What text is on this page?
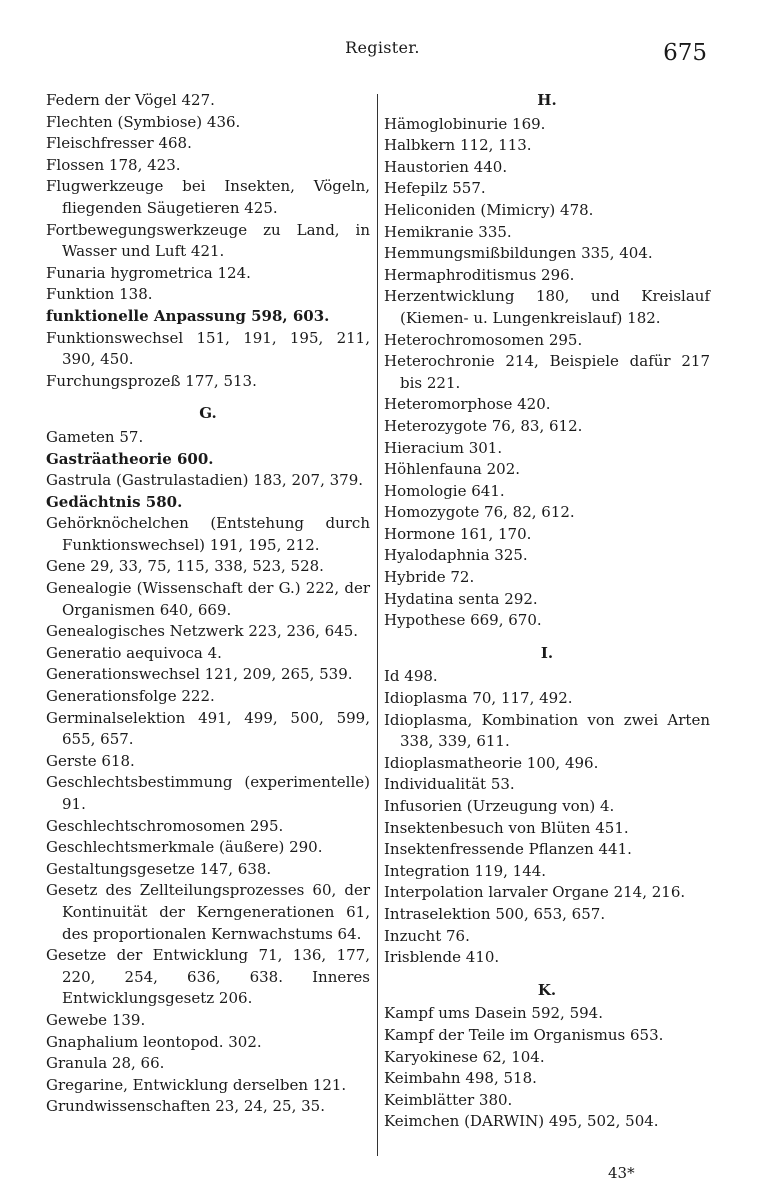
Register.	675
Federn der Vögel 427.
Flechten (Symbiose) 436.
Fleischfresser 468.
Flossen 178, 423.
Flugwerkzeuge bei Insekten, Vögeln, fliegenden Säugetieren 425.
Fortbewegungswerkzeuge zu Land, in Wasser und Luft 421.
Funaria hygrometrica 124.
Funktion 138.
funktionelle Anpassung 598, 603.
Funktionswechsel 151, 191, 195, 211, 390, 450.
Furchungsprozeß 177, 513.
G.
Gameten 57.
Gasträatheorie 600.
Gastrula (Gastrulastadien) 183, 207, 379.
Gedächtnis 580.
Gehörknöchelchen (Entstehung durch Funktionswechsel) 191, 195, 212.
Gene 29, 33, 75, 115, 338, 523, 528.
Genealogie (Wissenschaft der G.) 222, der Organismen 640, 669.
Genealogisches Netzwerk 223, 236, 645.
Generatio aequivoca 4.
Generationswechsel 121, 209, 265, 539.
Generationsfolge 222.
Germinalselektion 491, 499, 500, 599, 655, 657.
Gerste 618.
Geschlechtsbestimmung (experimentelle) 91.
Geschlechtschromosomen 295.
Geschlechtsmerkmale (äußere) 290.
Gestaltungsgesetze 147, 638.
Gesetz des Zellteilungsprozesses 60, der Kontinuität der Kerngenerationen 61, des proportionalen Kernwachstums 64.
Gesetze der Entwicklung 71, 136, 177, 220, 254, 636, 638. Inneres Entwicklungsgesetz 206.
Gewebe 139.
Gnaphalium leontopod. 302.
Granula 28, 66.
Gregarine, Entwicklung derselben 121.
Grundwissenschaften 23, 24, 25, 35.
H.
Hämoglobinurie 169.
Halbkern 112, 113.
Haustorien 440.
Hefepilz 557.
Heliconiden (Mimicry) 478.
Hemikranie 335.
Hemmungsmißbildungen 335, 404.
Hermaphroditismus 296.
Herzentwicklung 180, und Kreislauf (Kiemen- u. Lungenkreislauf) 182.
Heterochromosomen 295.
Heterochronie 214, Beispiele dafür 217 bis 221.
Heteromorphose 420.
Heterozygote 76, 83, 612.
Hieracium 301.
Höhlenfauna 202.
Homologie 641.
Homozygote 76, 82, 612.
Hormone 161, 170.
Hyalodaphnia 325.
Hybride 72.
Hydatina senta 292.
Hypothese 669, 670.
I.
Id 498.
Idioplasma 70, 117, 492.
Idioplasma, Kombination von zwei Arten 338, 339, 611.
Idioplasmatheorie 100, 496.
Individualität 53.
Infusorien (Urzeugung von) 4.
Insektenbesuch von Blüten 451.
Insektenfressende Pflanzen 441.
Integration 119, 144.
Interpolation larvaler Organe 214, 216.
Intraselektion 500, 653, 657.
Inzucht 76.
Irisblende 410.
K.
Kampf ums Dasein 592, 594.
Kampf der Teile im Organismus 653.
Karyokinese 62, 104.
Keimbahn 498, 518.
Keimblätter 380.
Keimchen (DARWIN) 495, 502, 504.
43*
